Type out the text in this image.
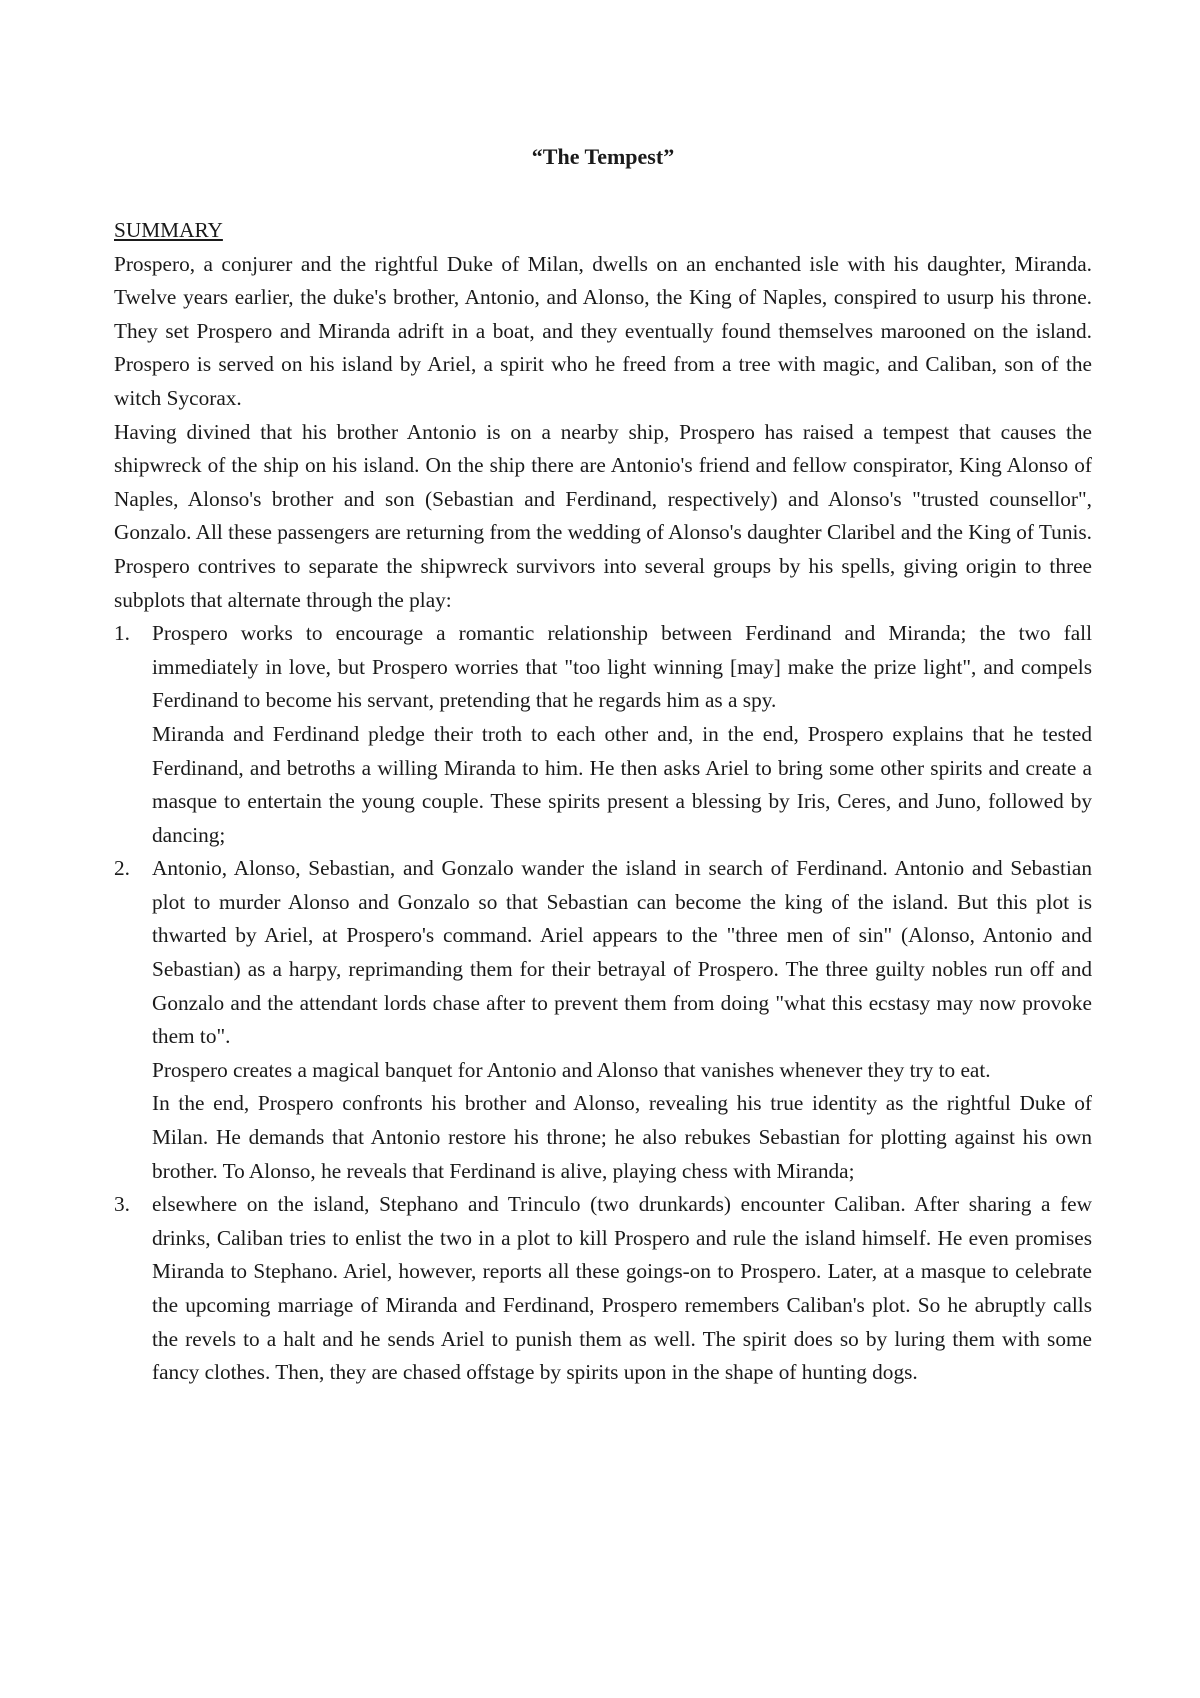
“The Tempest”
SUMMARY

Prospero, a conjurer and the rightful Duke of Milan, dwells on an enchanted isle with his daughter, Miranda. Twelve years earlier, the duke's brother, Antonio, and Alonso, the King of Naples, conspired to usurp his throne. They set Prospero and Miranda adrift in a boat, and they eventually found themselves marooned on the island. Prospero is served on his island by Ariel, a spirit who he freed from a tree with magic, and Caliban, son of the witch Sycorax.

Having divined that his brother Antonio is on a nearby ship, Prospero has raised a tempest that causes the shipwreck of the ship on his island. On the ship there are Antonio's friend and fellow conspirator, King Alonso of Naples, Alonso's brother and son (Sebastian and Ferdinand, respectively) and Alonso's "trusted counsellor", Gonzalo. All these passengers are returning from the wedding of Alonso's daughter Claribel and the King of Tunis. Prospero contrives to separate the shipwreck survivors into several groups by his spells, giving origin to three subplots that alternate through the play:

1. Prospero works to encourage a romantic relationship between Ferdinand and Miranda; the two fall immediately in love, but Prospero worries that "too light winning [may] make the prize light", and compels Ferdinand to become his servant, pretending that he regards him as a spy.

Miranda and Ferdinand pledge their troth to each other and, in the end, Prospero explains that he tested Ferdinand, and betroths a willing Miranda to him. He then asks Ariel to bring some other spirits and create a masque to entertain the young couple. These spirits present a blessing by Iris, Ceres, and Juno, followed by dancing;

2. Antonio, Alonso, Sebastian, and Gonzalo wander the island in search of Ferdinand. Antonio and Sebastian plot to murder Alonso and Gonzalo so that Sebastian can become the king of the island. But this plot is thwarted by Ariel, at Prospero's command. Ariel appears to the "three men of sin" (Alonso, Antonio and Sebastian) as a harpy, reprimanding them for their betrayal of Prospero. The three guilty nobles run off and Gonzalo and the attendant lords chase after to prevent them from doing "what this ecstasy may now provoke them to".

Prospero creates a magical banquet for Antonio and Alonso that vanishes whenever they try to eat.

In the end, Prospero confronts his brother and Alonso, revealing his true identity as the rightful Duke of Milan. He demands that Antonio restore his throne; he also rebukes Sebastian for plotting against his own brother. To Alonso, he reveals that Ferdinand is alive, playing chess with Miranda;

3. elsewhere on the island, Stephano and Trinculo (two drunkards) encounter Caliban. After sharing a few drinks, Caliban tries to enlist the two in a plot to kill Prospero and rule the island himself. He even promises Miranda to Stephano. Ariel, however, reports all these goings-on to Prospero. Later, at a masque to celebrate the upcoming marriage of Miranda and Ferdinand, Prospero remembers Caliban's plot. So he abruptly calls the revels to a halt and he sends Ariel to punish them as well. The spirit does so by luring them with some fancy clothes. Then, they are chased offstage by spirits upon in the shape of hunting dogs.
